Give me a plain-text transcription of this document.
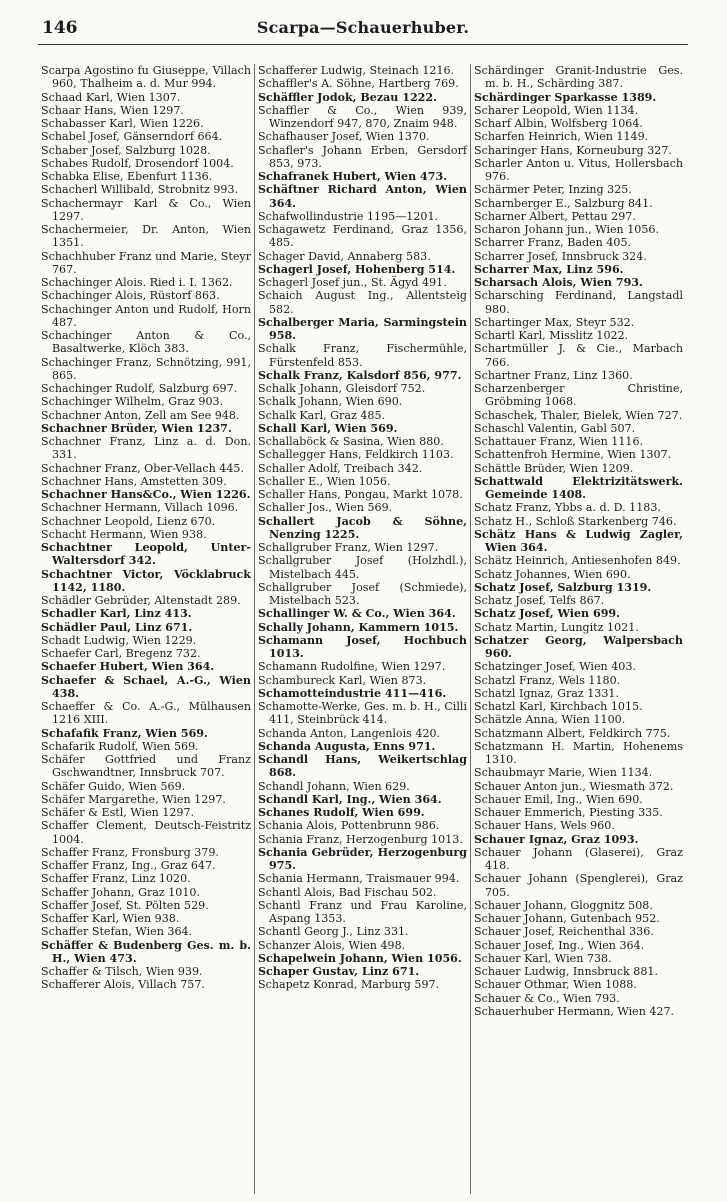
146	Scarpa—Schauerhuber.
Scarpa Agostino fu Giuseppe, Villach 960, Thalheim a. d. Mur 994.
Schaad Karl, Wien 1307.
Schaar Hans, Wien 1297.
Schabasser Karl, Wien 1226.
Schabel Josef, Gänserndorf 664.
Schaber Josef, Salzburg 1028.
Schabes Rudolf, Drosendorf 1004.
Schabka Elise, Ebenfurt 1136.
Schacherl Willibald, Strobnitz 993.
Schachermayr Karl & Co., Wien 1297.
Schachermeier, Dr. Anton, Wien 1351.
Schachhuber Franz und Marie, Steyr 767.
Schachinger Alois. Ried i. I. 1362.
Schachinger Alois, Rüstorf 863.
Schachinger Anton und Rudolf, Horn 487.
Schachinger Anton & Co., Basaltwerke, Klöch 383.
Schachinger Franz, Schnötzing, 991, 865.
Schachinger Rudolf, Salzburg 697.
Schachinger Wilhelm, Graz 903.
Schachner Anton, Zell am See 948.
Schachner Brüder, Wien 1237.
Schachner Franz, Linz a. d. Don. 331.
Schachner Franz, Ober-Vellach 445.
Schachner Hans, Amstetten 309.
Schachner Hans&Co., Wien 1226.
Schachner Hermann, Villach 1096.
Schachner Leopold, Lienz 670.
Schacht Hermann, Wien 938.
Schachtner Leopold, Unter-Waltersdorf 342.
Schachtner Victor, Vöcklabruck 1142, 1180.
Schädler Gebrüder, Altenstadt 289.
Schadler Karl, Linz 413.
Schädler Paul, Linz 671.
Schadt Ludwig, Wien 1229.
Schaefer Carl, Bregenz 732.
Schaefer Hubert, Wien 364.
Schaefer & Schael, A.-G., Wien 438.
Schaeffer & Co. A.-G., Mülhausen 1216 XIII.
Schafafik Franz, Wien 569.
Schafarik Rudolf, Wien 569.
Schäfer Gottfried und Franz Gschwandtner, Innsbruck 707.
Schäfer Guido, Wien 569.
Schäfer Margarethe, Wien 1297.
Schäfer & Estl, Wien 1297.
Schaffer Clement, Deutsch-Feistritz 1004.
Schaffer Franz, Fronsburg 379.
Schaffer Franz, Ing., Graz 647.
Schaffer Franz, Linz 1020.
Schaffer Johann, Graz 1010.
Schaffer Josef, St. Pölten 529.
Schaffer Karl, Wien 938.
Schaffer Stefan, Wien 364.
Schäffer & Budenberg Ges. m. b. H., Wien 473.
Schaffer & Tilsch, Wien 939.
Schafferer Alois, Villach 757.
Schafferer Ludwig, Steinach 1216.
Schaffler's A. Söhne, Hartberg 769.
Schäffler Jodok, Bezau 1222.
Schaffler & Co., Wien 939, Winzendorf 947, 870, Znaim 948.
Schafhauser Josef, Wien 1370.
Schafler's Johann Erben, Gersdorf 853, 973.
Schafranek Hubert, Wien 473.
Schäftner Richard Anton, Wien 364.
Schafwollindustrie 1195—1201.
Schagawetz Ferdinand, Graz 1356, 485.
Schager David, Annaberg 583.
Schagerl Josef, Hohenberg 514.
Schagerl Josef jun., St. Ägyd 491.
Schaich August Ing., Allentsteig 582.
Schalberger Maria, Sarmingstein 958.
Schalk Franz, Fischermühle, Fürstenfeld 853.
Schalk Franz, Kalsdorf 856, 977.
Schalk Johann, Gleisdorf 752.
Schalk Johann, Wien 690.
Schalk Karl, Graz 485.
Schall Karl, Wien 569.
Schallaböck & Sasina, Wien 880.
Schallegger Hans, Feldkirch 1103.
Schaller Adolf, Treibach 342.
Schaller E., Wien 1056.
Schaller Hans, Pongau, Markt 1078.
Schaller Jos., Wien 569.
Schallert Jacob & Söhne, Nenzing 1225.
Schallgruber Franz, Wien 1297.
Schallgruber Josef (Holzhdl.), Mistelbach 445.
Schallgruber Josef (Schmiede), Mistelbach 523.
Schallinger W. & Co., Wien 364.
Schally Johann, Kammern 1015.
Schamann Josef, Hochbuch 1013.
Schamann Rudolfine, Wien 1297.
Schambureck Karl, Wien 873.
Schamotteindustrie 411—416.
Schamotte-Werke, Ges. m. b. H., Cilli 411, Steinbrück 414.
Schanda Anton, Langenlois 420.
Schanda Augusta, Enns 971.
Schandl Hans, Weikertschlag 868.
Schandl Johann, Wien 629.
Schandl Karl, Ing., Wien 364.
Schanes Rudolf, Wien 699.
Schania Alois, Pottenbrunn 986.
Schania Franz, Herzogenburg 1013.
Schania Gebrüder, Herzogenburg 975.
Schania Hermann, Traismauer 994.
Schantl Alois, Bad Fischau 502.
Schantl Franz und Frau Karoline, Aspang 1353.
Schantl Georg J., Linz 331.
Schanzer Alois, Wien 498.
Schapelwein Johann, Wien 1056.
Schaper Gustav, Linz 671.
Schapetz Konrad, Marburg 597.
Schärdinger Granit-Industrie Ges. m. b. H., Schärding 387.
Schärdinger Sparkasse 1389.
Scharer Leopold, Wien 1134.
Scharf Albin, Wolfsberg 1064.
Scharfen Heinrich, Wien 1149.
Scharinger Hans, Korneuburg 327.
Scharler Anton u. Vitus, Hollersbach 976.
Schärmer Peter, Inzing 325.
Scharnberger E., Salzburg 841.
Scharner Albert, Pettau 297.
Scharon Johann jun., Wien 1056.
Scharrer Franz, Baden 405.
Scharrer Josef, Innsbruck 324.
Scharrer Max, Linz 596.
Scharsach Alois, Wien 793.
Scharsching Ferdinand, Langstadl 980.
Schartinger Max, Steyr 532.
Schartl Karl, Misslitz 1022.
Schartmüller J. & Cie., Marbach 766.
Schartner Franz, Linz 1360.
Scharzenberger Christine, Gröbming 1068.
Schaschek, Thaler, Bielek, Wien 727.
Schaschl Valentin, Gabl 507.
Schattauer Franz, Wien 1116.
Schattenfroh Hermine, Wien 1307.
Schättle Brüder, Wien 1209.
Schattwald Elektrizitätswerk. Gemeinde 1408.
Schatz Franz, Ybbs a. d. D. 1183.
Schatz H., Schloß Starkenberg 746.
Schätz Hans & Ludwig Zagler, Wien 364.
Schätz Heinrich, Antiesenhofen 849.
Schatz Johannes, Wien 690.
Schatz Josef, Salzburg 1319.
Schatz Josef, Telfs 867.
Schatz Josef, Wien 699.
Schatz Martin, Lungitz 1021.
Schatzer Georg, Walpersbach 960.
Schatzinger Josef, Wien 403.
Schatzl Franz, Wels 1180.
Schatzl Ignaz, Graz 1331.
Schatzl Karl, Kirchbach 1015.
Schätzle Anna, Wien 1100.
Schatzmann Albert, Feldkirch 775.
Schatzmann H. Martin, Hohenems 1310.
Schaubmayr Marie, Wien 1134.
Schauer Anton jun., Wiesmath 372.
Schauer Emil, Ing., Wien 690.
Schauer Emmerich, Piesting 335.
Schauer Hans, Wels 960.
Schauer Ignaz, Graz 1093.
Schauer Johann (Glaserei), Graz 418.
Schauer Johann (Spenglerei), Graz 705.
Schauer Johann, Gloggnitz 508.
Schauer Johann, Gutenbach 952.
Schauer Josef, Reichenthal 336.
Schauer Josef, Ing., Wien 364.
Schauer Karl, Wien 738.
Schauer Ludwig, Innsbruck 881.
Schauer Othmar, Wien 1088.
Schauer & Co., Wien 793.
Schauerhuber Hermann, Wien 427.
